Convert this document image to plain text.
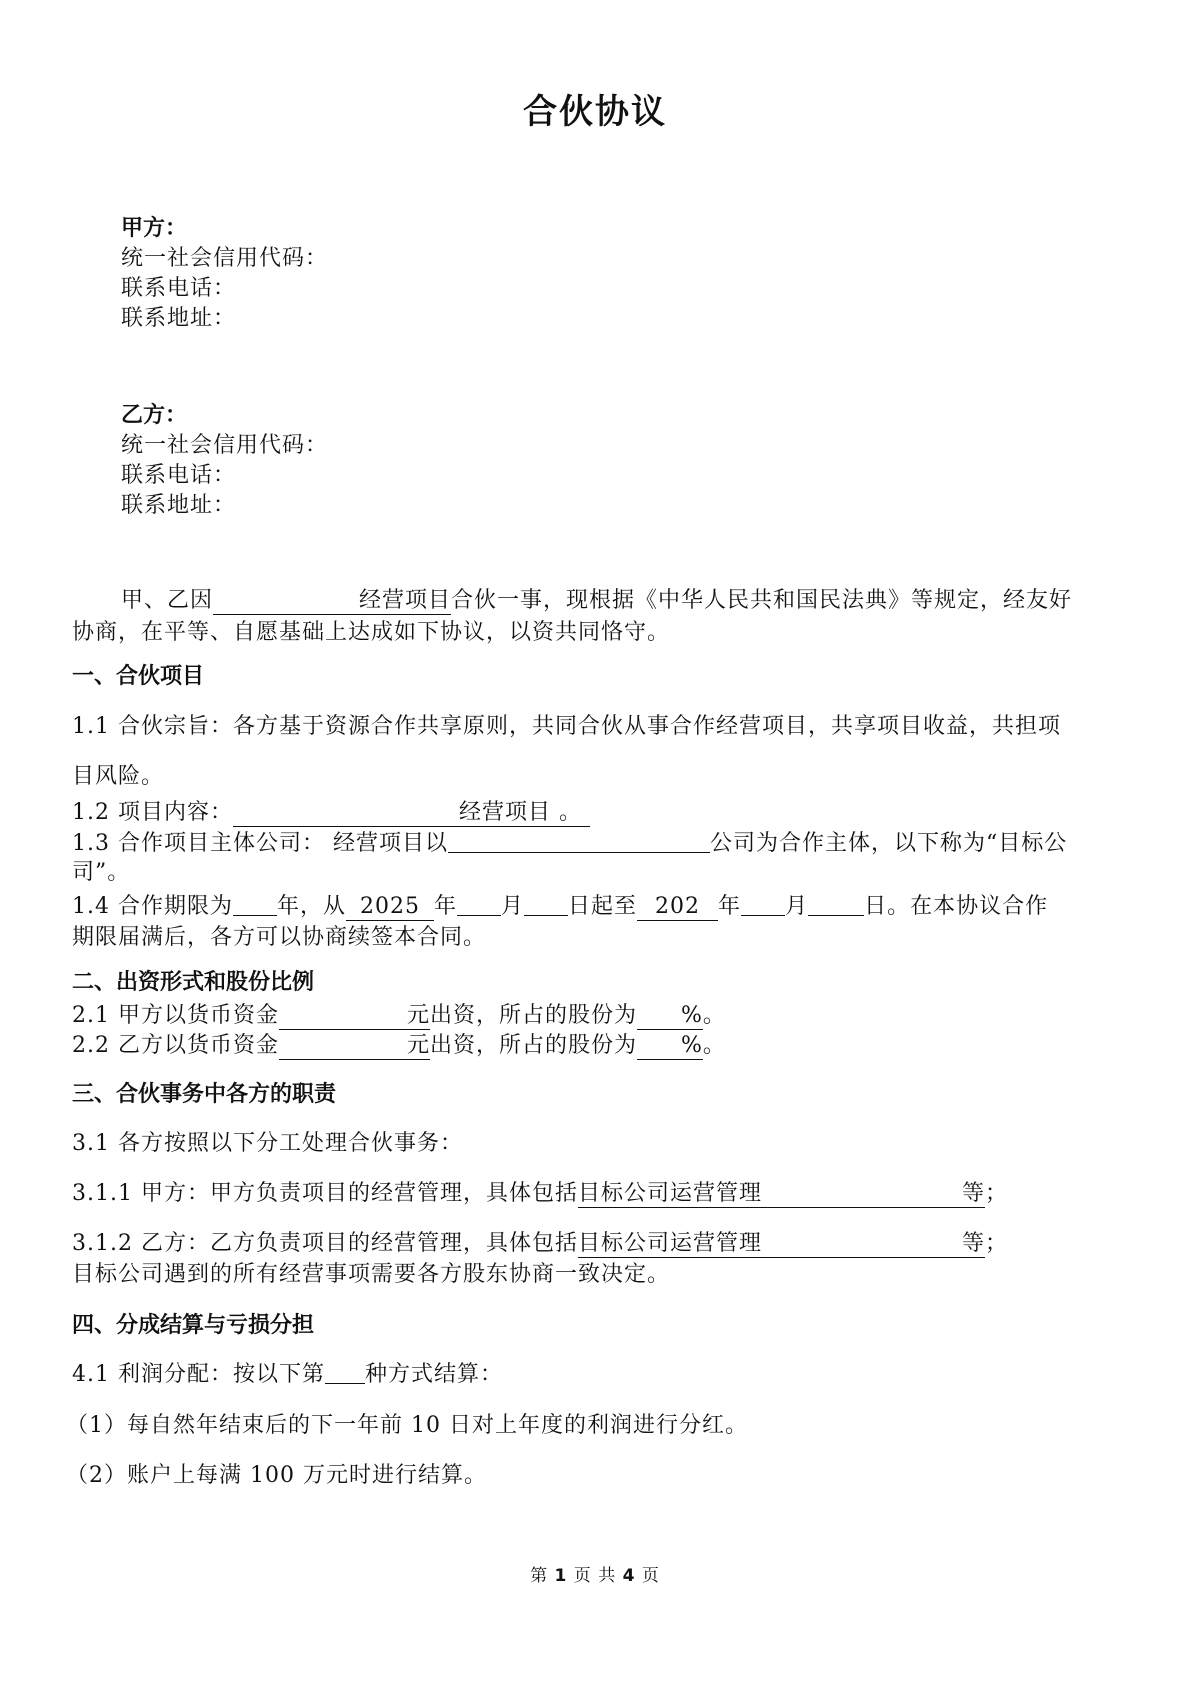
合伙协议
甲方：
统一社会信用代码：
联系电话：
联系地址：
乙方：
统一社会信用代码：
联系电话：
联系地址：
甲、乙因	经营项目合伙一事，现根据《中华人民共和国民法典》等规定，经友好
协商，在平等、自愿基础上达成如下协议，以资共同恪守。
一、合伙项目
1.1 合伙宗旨：各方基于资源合作共享原则，共同合伙从事合作经营项目，共享项目收益，共担项
目风险。
1.2 项目内容：	经营项目 。
1.3 合作项目主体公司： 经营项目以	公司为合作主体，以下称为“目标公
司”。
1.4 合作期限为 年，从 2025 年 月 日起至 202 年 月	日。在本协议合作
期限届满后，各方可以协商续签本合同。
二、出资形式和股份比例
2.1 甲方以货币资金	元出资，所占的股份为 %。
2.2 乙方以货币资金	元出资，所占的股份为 %。
三、合伙事务中各方的职责
3.1 各方按照以下分工处理合伙事务：
3.1.1 甲方：甲方负责项目的经营管理，具体包括目标公司运营管理	等；
3.1.2 乙方：乙方负责项目的经营管理，具体包括目标公司运营管理	等；
目标公司遇到的所有经营事项需要各方股东协商一致决定。
四、分成结算与亏损分担
4.1 利润分配：按以下第 种方式结算：
（1）每自然年结束后的下一年前 10 日对上年度的利润进行分红。
（2）账户上每满 100 万元时进行结算。
第 1 页 共 4 页
